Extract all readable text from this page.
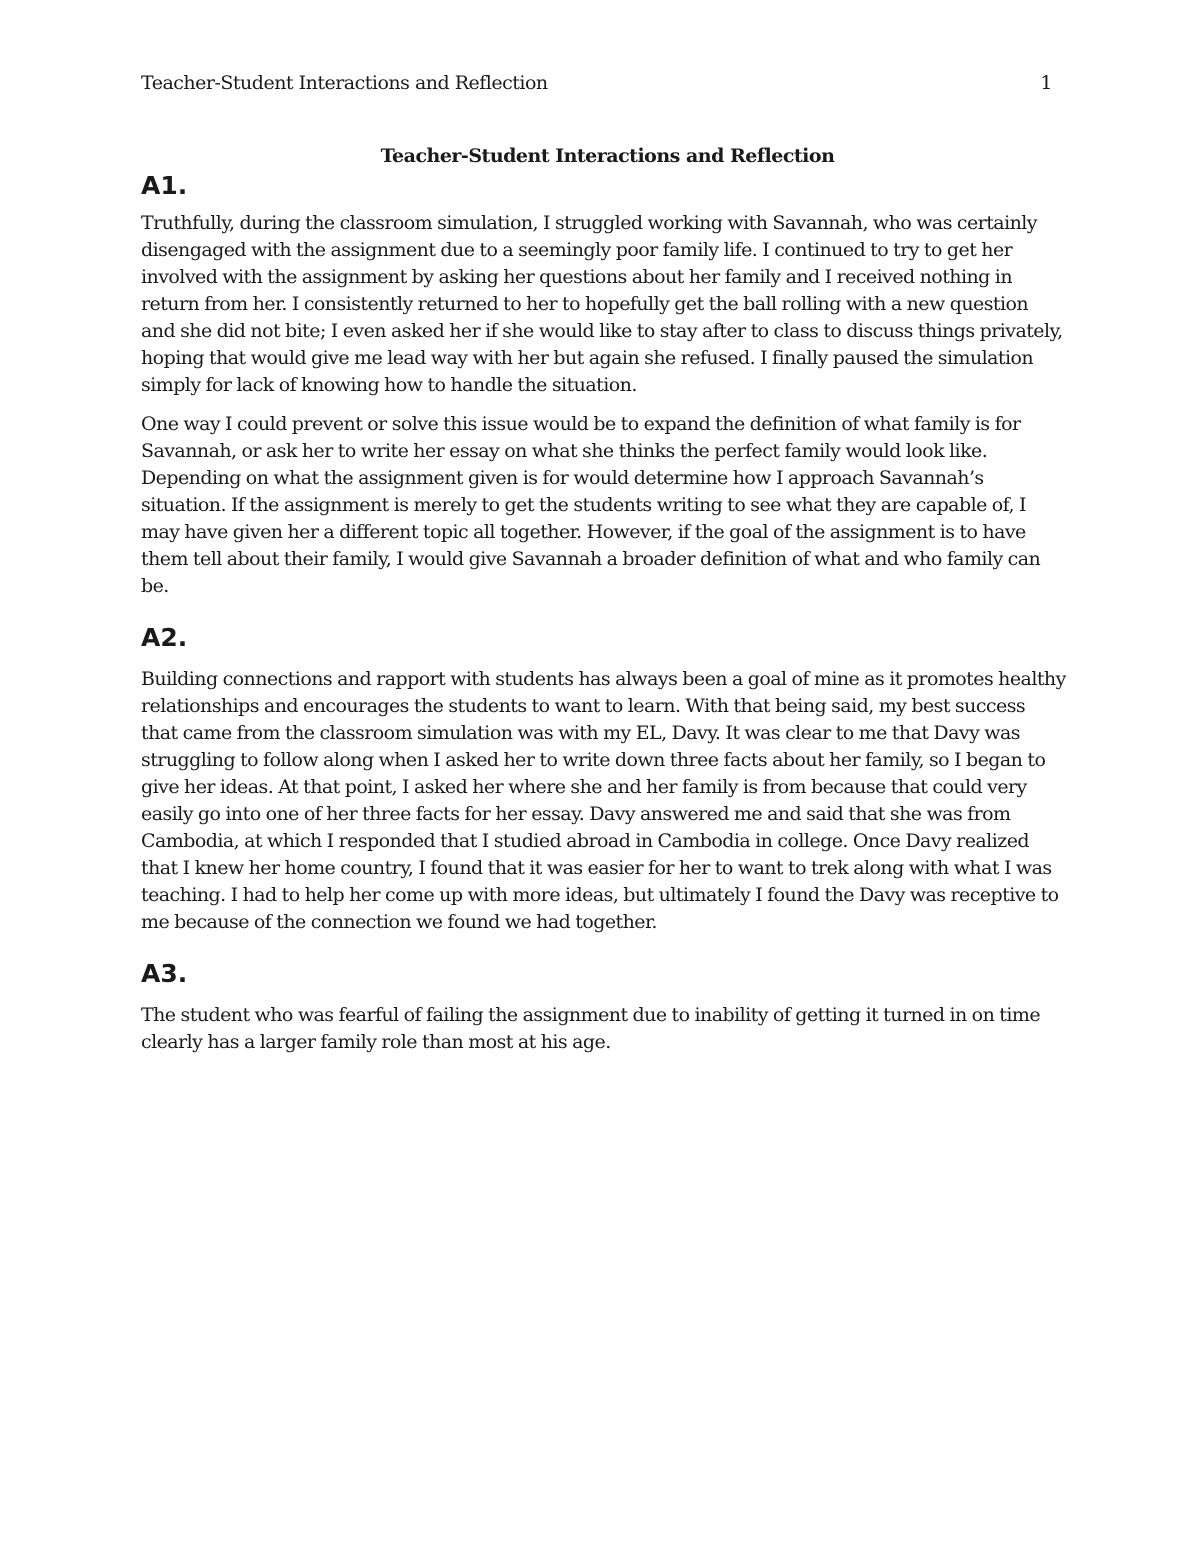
Teacher-Student Interactions and Reflection	1
Teacher-Student Interactions and Reflection
A1.

Truthfully, during the classroom simulation, I struggled working with Savannah, who was certainly disengaged with the assignment due to a seemingly poor family life. I continued to try to get her involved with the assignment by asking her questions about her family and I received nothing in return from her. I consistently returned to her to hopefully get the ball rolling with a new question and she did not bite; I even asked her if she would like to stay after to class to discuss things privately, hoping that would give me lead way with her but again she refused. I finally paused the simulation simply for lack of knowing how to handle the situation.

One way I could prevent or solve this issue would be to expand the definition of what family is for Savannah, or ask her to write her essay on what she thinks the perfect family would look like. Depending on what the assignment given is for would determine how I approach Savannah’s situation. If the assignment is merely to get the students writing to see what they are capable of, I may have given her a different topic all together. However, if the goal of the assignment is to have them tell about their family, I would give Savannah a broader definition of what and who family can be.

A2.

Building connections and rapport with students has always been a goal of mine as it promotes healthy relationships and encourages the students to want to learn. With that being said, my best success that came from the classroom simulation was with my EL, Davy. It was clear to me that Davy was struggling to follow along when I asked her to write down three facts about her family, so I began to give her ideas. At that point, I asked her where she and her family is from because that could very easily go into one of her three facts for her essay. Davy answered me and said that she was from Cambodia, at which I responded that I studied abroad in Cambodia in college. Once Davy realized that I knew her home country, I found that it was easier for her to want to trek along with what I was teaching. I had to help her come up with more ideas, but ultimately I found the Davy was receptive to me because of the connection we found we had together.

A3.

The student who was fearful of failing the assignment due to inability of getting it turned in on time clearly has a larger family role than most at his age.
